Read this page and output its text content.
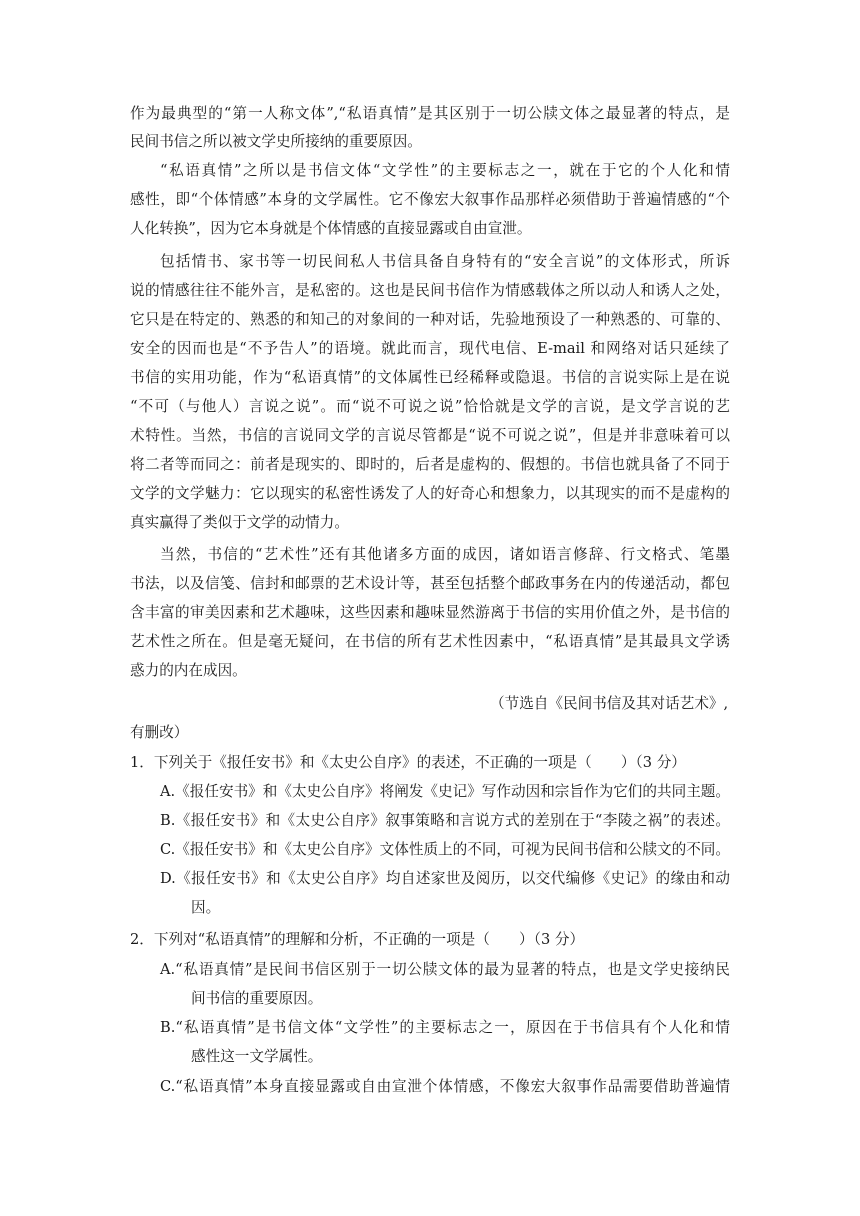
作为最典型的“第一人称文体”,“私语真情”是其区别于一切公牍文体之最显著的特点，是
民间书信之所以被文学史所接纳的重要原因。
“私语真情”之所以是书信文体“文学性”的主要标志之一，就在于它的个人化和情
感性，即“个体情感”本身的文学属性。它不像宏大叙事作品那样必须借助于普遍情感的“个
人化转换”，因为它本身就是个体情感的直接显露或自由宣泄。
包括情书、家书等一切民间私人书信具备自身特有的“安全言说”的文体形式，所诉
说的情感往往不能外言，是私密的。这也是民间书信作为情感载体之所以动人和诱人之处，
它只是在特定的、熟悉的和知己的对象间的一种对话，先验地预设了一种熟悉的、可靠的、
安全的因而也是“不予告人”的语境。就此而言，现代电信、E-mail 和网络对话只延续了
书信的实用功能，作为“私语真情”的文体属性已经稀释或隐退。书信的言说实际上是在说
“不可（与他人）言说之说”。而“说不可说之说”恰恰就是文学的言说，是文学言说的艺
术特性。当然，书信的言说同文学的言说尽管都是“说不可说之说”，但是并非意味着可以
将二者等而同之：前者是现实的、即时的，后者是虚构的、假想的。书信也就具备了不同于
文学的文学魅力：它以现实的私密性诱发了人的好奇心和想象力，以其现实的而不是虚构的
真实赢得了类似于文学的动情力。
当然，书信的“艺术性”还有其他诸多方面的成因，诸如语言修辞、行文格式、笔墨
书法，以及信笺、信封和邮票的艺术设计等，甚至包括整个邮政事务在内的传递活动，都包
含丰富的审美因素和艺术趣味，这些因素和趣味显然游离于书信的实用价值之外，是书信的
艺术性之所在。但是毫无疑问，在书信的所有艺术性因素中，“私语真情”是其最具文学诱
惑力的内在成因。
（节选自《民间书信及其对话艺术》,
有删改）
1．下列关于《报任安书》和《太史公自序》的表述，不正确的一项是（　　）（3 分）
A.《报任安书》和《太史公自序》将阐发《史记》写作动因和宗旨作为它们的共同主题。
B.《报任安书》和《太史公自序》叙事策略和言说方式的差别在于“李陵之祸”的表述。
C.《报任安书》和《太史公自序》文体性质上的不同，可视为民间书信和公牍文的不同。
D.《报任安书》和《太史公自序》均自述家世及阅历，以交代编修《史记》的缘由和动
因。
2．下列对“私语真情”的理解和分析，不正确的一项是（　　）（3 分）
A.“私语真情”是民间书信区别于一切公牍文体的最为显著的特点，也是文学史接纳民
间书信的重要原因。
B.“私语真情”是书信文体“文学性”的主要标志之一，原因在于书信具有个人化和情
感性这一文学属性。
C.“私语真情”本身直接显露或自由宣泄个体情感，不像宏大叙事作品需要借助普遍情
